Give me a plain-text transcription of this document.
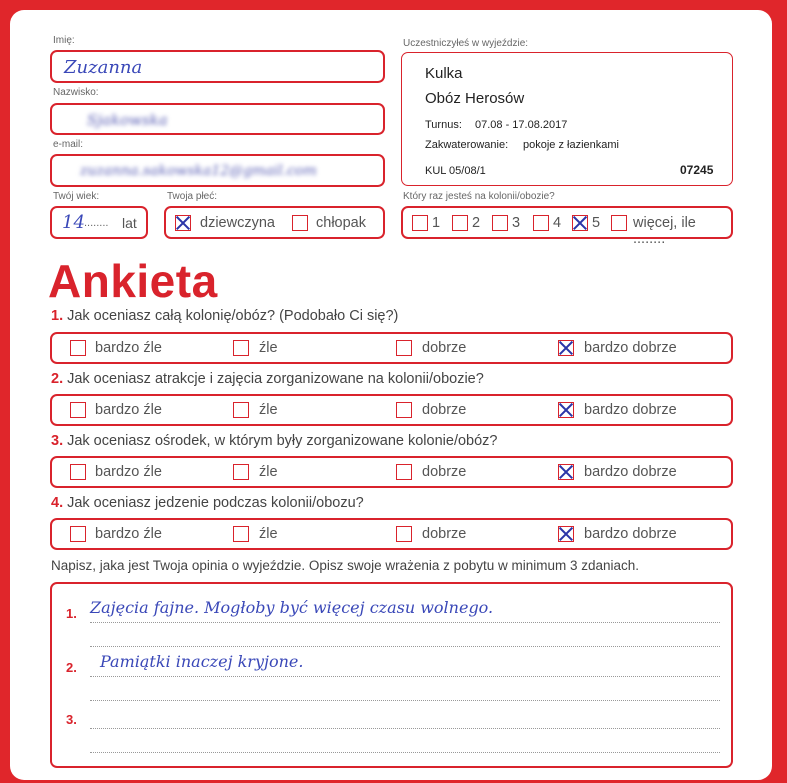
Imię:
Zuzanna
Nazwisko:
Sjakowska
e-mail:
zuzanna.sakowska12@gmail.com
Twój wiek:
14 ........ lat
Twoja płeć:
dziewczyna	chłopak
Uczestniczyłeś w wyjeździe:
Kulka
Obóz Herosów
Turnus: 07.08 - 17.08.2017
Zakwaterowanie: pokoje z łazienkami
KUL 05/08/1	07245
Który raz jesteś na kolonii/obozie?
1 2 3 4 5 więcej, ile ........
Ankieta
1. Jak oceniasz całą kolonię/obóz? (Podobało Ci się?)
bardzo źle	źle	dobrze	bardzo dobrze
2. Jak oceniasz atrakcje i zajęcia zorganizowane na kolonii/obozie?
bardzo źle	źle	dobrze	bardzo dobrze
3. Jak oceniasz ośrodek, w którym były zorganizowane kolonie/obóz?
bardzo źle	źle	dobrze	bardzo dobrze
4. Jak oceniasz jedzenie podczas kolonii/obozu?
bardzo źle	źle	dobrze	bardzo dobrze
Napisz, jaka jest Twoja opinia o wyjeździe. Opisz swoje wrażenia z pobytu w minimum 3 zdaniach.
1. Zajęcia fajne. Mogłoby być więcej czasu wolnego.
2. Pamiątki inaczej kryjone.
3.
